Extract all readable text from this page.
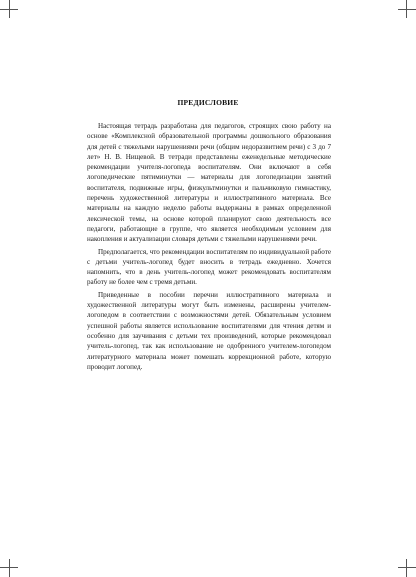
ПРЕДИСЛОВИЕ

Настоящая тетрадь разработана для педагогов, строящих свою работу на основе «Комплексной образовательной программы дошкольного образования для детей с тяжелыми нарушениями речи (общим недоразвитием речи) с 3 до 7 лет» Н. В. Нищевой. В тетради представлены еженедельные методические рекомендации учителя-логопеда воспитателям. Они включают в себя логопедические пятиминутки — материалы для логопедизации занятий воспитателя, подвижные игры, физкультминутки и пальчиковую гимнастику, перечень художественной литературы и иллюстративного материала. Все материалы на каждую неделю работы выдержаны в рамках определенной лексической темы, на основе которой планируют свою деятельность все педагоги, работающие в группе, что является необходимым условием для накопления и актуализации словаря детьми с тяжелыми нарушениями речи.

Предполагается, что рекомендации воспитателям по индивидуальной работе с детьми учитель-логопед будет вносить в тетрадь ежедневно. Хочется напомнить, что в день учитель-логопед может рекомендовать воспитателям работу не более чем с тремя детьми.

Приведенные в пособии перечни иллюстративного материала и художественной литературы могут быть изменены, расширены учителем-логопедом в соответствии с возможностями детей. Обязательным условием успешной работы является использование воспитателями для чтения детям и особенно для заучивания с детьми тех произведений, которые рекомендовал учитель-логопед, так как использование не одобренного учителем-логопедом литературного материала может помешать коррекционной работе, которую проводит логопед.
